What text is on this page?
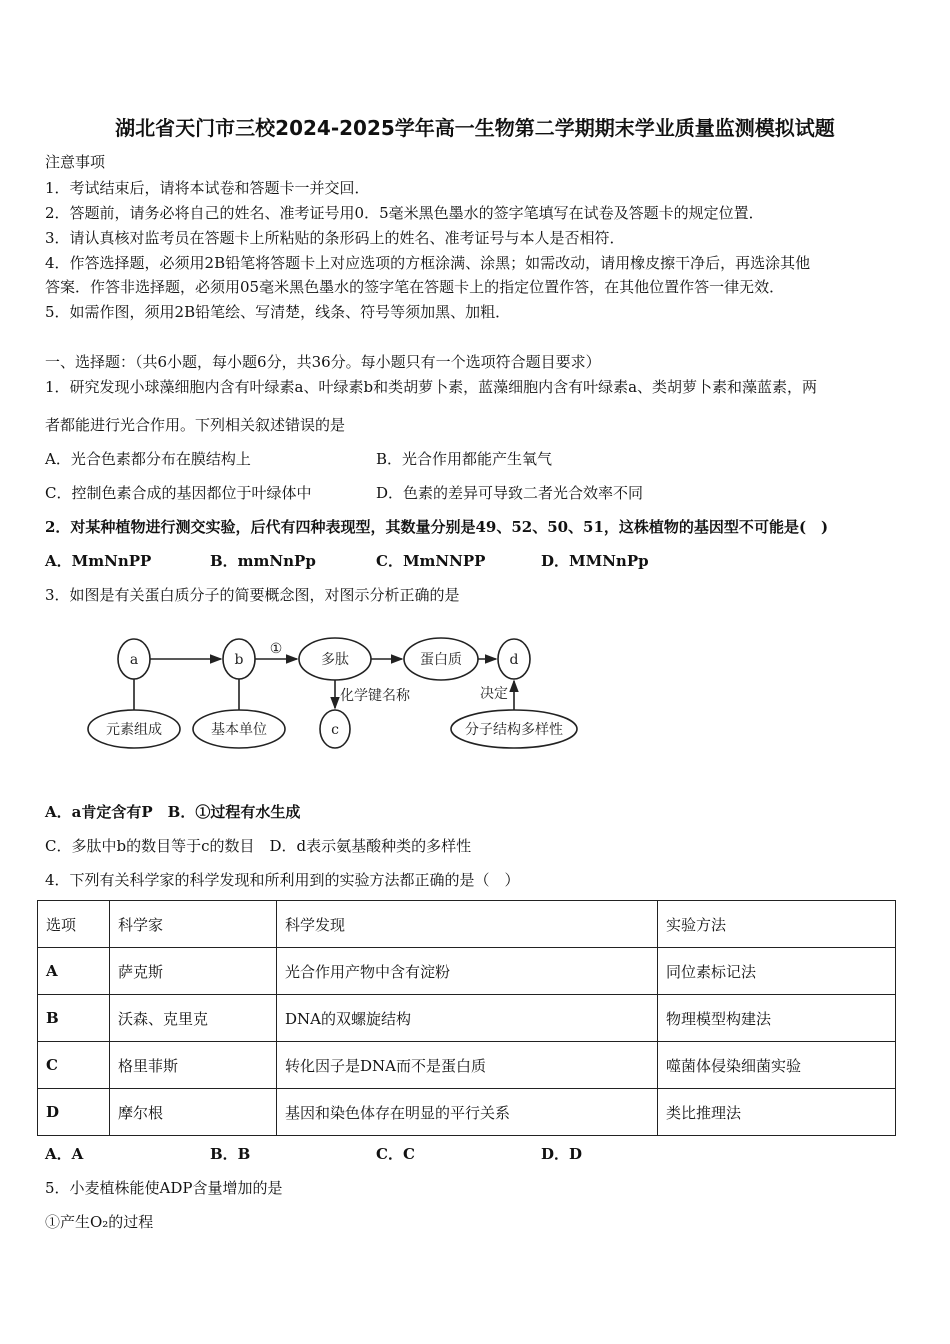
湖北省天门市三校2024-2025学年高一生物第二学期期末学业质量监测模拟试题
注意事项
1．考试结束后，请将本试卷和答题卡一并交回．
2．答题前，请务必将自己的姓名、准考证号用0．5毫米黑色墨水的签字笔填写在试卷及答题卡的规定位置．
3．请认真核对监考员在答题卡上所粘贴的条形码上的姓名、准考证号与本人是否相符．
4．作答选择题，必须用2B铅笔将答题卡上对应选项的方框涂满、涂黑；如需改动，请用橡皮擦干净后，再选涂其他
答案．作答非选择题，必须用05毫米黑色墨水的签字笔在答题卡上的指定位置作答，在其他位置作答一律无效．
5．如需作图，须用2B铅笔绘、写清楚，线条、符号等须加黑、加粗．
一、选择题：（共6小题，每小题6分，共36分。每小题只有一个选项符合题目要求）
1．研究发现小球藻细胞内含有叶绿素a、叶绿素b和类胡萝卜素，蓝藻细胞内含有叶绿素a、类胡萝卜素和藻蓝素，两
者都能进行光合作用。下列相关叙述错误的是
A．光合色素都分布在膜结构上	B．光合作用都能产生氧气
C．控制色素合成的基因都位于叶绿体中	D．色素的差异可导致二者光合效率不同
2．对某种植物进行测交实验，后代有四种表现型，其数量分别是49、52、50、51，这株植物的基因型不可能是(　)
A．MmNnPP	B．mmNnPp	C．MmNNPP	D．MMNnPp
3．如图是有关蛋白质分子的简要概念图，对图示分析正确的是
a	b
①
多肽	蛋白质	d
c
化学键名称	决定
元素组成	基本单位	分子结构多样性
A．a肯定含有P　B．①过程有水生成
C．多肽中b的数目等于c的数目　D．d表示氨基酸种类的多样性
4．下列有关科学家的科学发现和所利用到的实验方法都正确的是（　）
选项	科学家	科学发现	实验方法
A	萨克斯	光合作用产物中含有淀粉	同位素标记法
B	沃森、克里克	DNA的双螺旋结构	物理模型构建法
C	格里菲斯	转化因子是DNA而不是蛋白质	噬菌体侵染细菌实验
D	摩尔根	基因和染色体存在明显的平行关系	类比推理法
A．A	B．B	C．C	D．D
5．小麦植株能使ADP含量增加的是
①产生O₂的过程
